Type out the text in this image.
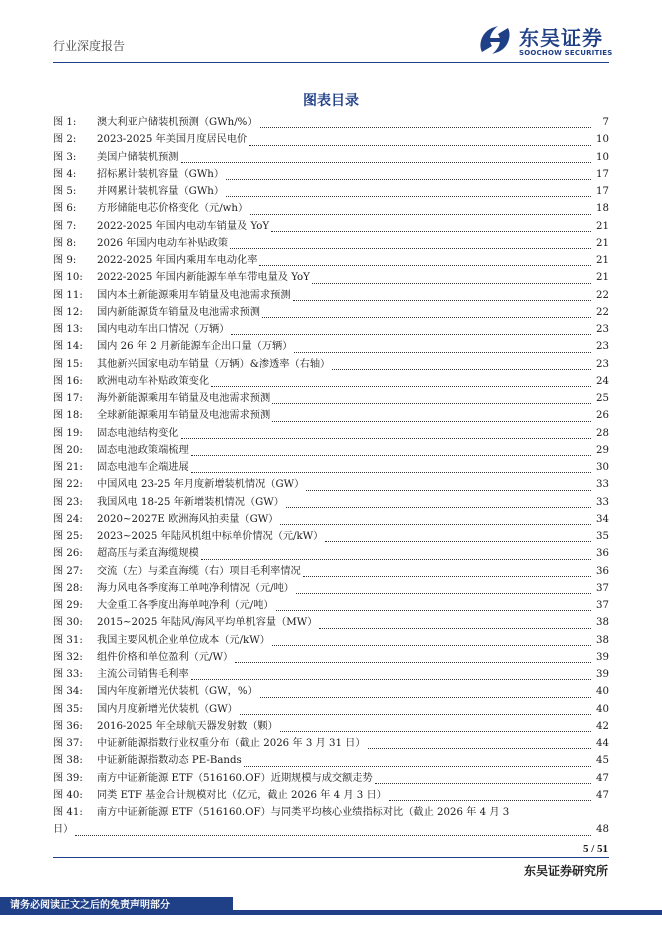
行业深度报告	东吴证券
SOOCHOW SECURITIES
图表目录
图 1:	澳大利亚户储装机预测（GWh/%）	7
图 2:	2023-2025 年美国月度居民电价	10
图 3:	美国户储装机预测	10
图 4:	招标累计装机容量（GWh）	17
图 5:	并网累计装机容量（GWh）	17
图 6:	方形储能电芯价格变化（元/wh）	18
图 7:	2022-2025 年国内电动车销量及 YoY	21
图 8:	2026 年国内电动车补贴政策	21
图 9:	2022-2025 年国内乘用车电动化率	21
图 10:	2022-2025 年国内新能源车单车带电量及 YoY	21
图 11:	国内本土新能源乘用车销量及电池需求预测	22
图 12:	国内新能源货车销量及电池需求预测	22
图 13:	国内电动车出口情况（万辆）	23
图 14:	国内 26 年 2 月新能源车企出口量（万辆）	23
图 15:	其他新兴国家电动车销量（万辆）&渗透率（右轴）	23
图 16:	欧洲电动车补贴政策变化	24
图 17:	海外新能源乘用车销量及电池需求预测	25
图 18:	全球新能源乘用车销量及电池需求预测	26
图 19:	固态电池结构变化	28
图 20:	固态电池政策端梳理	29
图 21:	固态电池车企端进展	30
图 22:	中国风电 23-25 年月度新增装机情况（GW）	33
图 23:	我国风电 18-25 年新增装机情况（GW）	33
图 24:	2020~2027E 欧洲海风拍卖量（GW）	34
图 25:	2023~2025 年陆风机组中标单价情况（元/kW）	35
图 26:	超高压与柔直海缆规模	36
图 27:	交流（左）与柔直海缆（右）项目毛利率情况	36
图 28:	海力风电各季度海工单吨净利情况（元/吨）	37
图 29:	大金重工各季度出海单吨净利（元/吨）	37
图 30:	2015~2025 年陆风/海风平均单机容量（MW）	38
图 31:	我国主要风机企业单位成本（元/kW）	38
图 32:	组件价格和单位盈利（元/W）	39
图 33:	主流公司销售毛利率	39
图 34:	国内年度新增光伏装机（GW，%）	40
图 35:	国内月度新增光伏装机（GW）	40
图 36:	2016-2025 年全球航天器发射数（颗）	42
图 37:	中证新能源指数行业权重分布（截止 2026 年 3 月 31 日）	44
图 38:	中证新能源指数动态 PE-Bands	45
图 39:	南方中证新能源 ETF（516160.OF）近期规模与成交额走势	47
图 40:	同类 ETF 基金合计规模对比（亿元，截止 2026 年 4 月 3 日）	47
图 41:	南方中证新能源 ETF（516160.OF）与同类平均核心业绩指标对比（截止 2026 年 4 月 3
日）	48
5 / 51
东吴证券研究所
请务必阅读正文之后的免责声明部分
